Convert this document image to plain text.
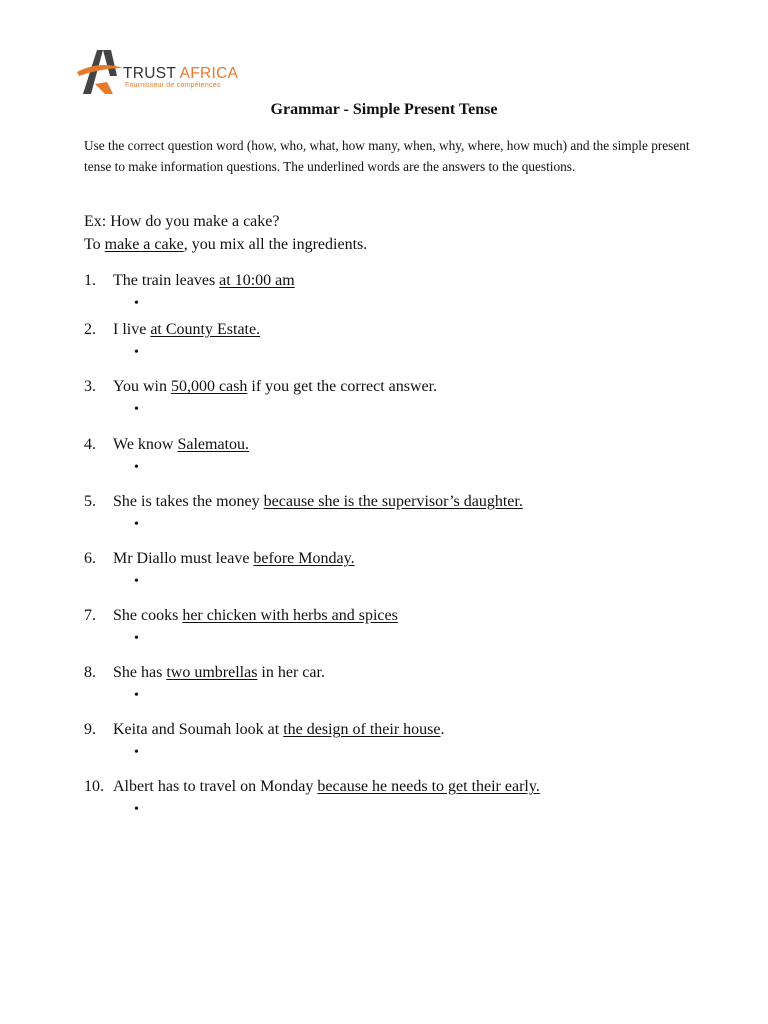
TRUST AFRICA
Fournisseur de compétences
Grammar - Simple Present Tense
Use the correct question word (how, who, what, how many, when, why, where, how much) and the simple present tense to make information questions. The underlined words are the answers to the questions.
Ex: How do you make a cake?
To make a cake, you mix all the ingredients.
1. The train leaves at 10:00 am
•
2. I live at County Estate.
•
3. You win 50,000 cash if you get the correct answer.
•
4. We know Salematou.
•
5. She is takes the money because she is the supervisor’s daughter.
•
6. Mr Diallo must leave before Monday.
•
7. She cooks her chicken with herbs and spices
•
8. She has two umbrellas in her car.
•
9. Keita and Soumah look at the design of their house.
•
10. Albert has to travel on Monday because he needs to get their early.
•
